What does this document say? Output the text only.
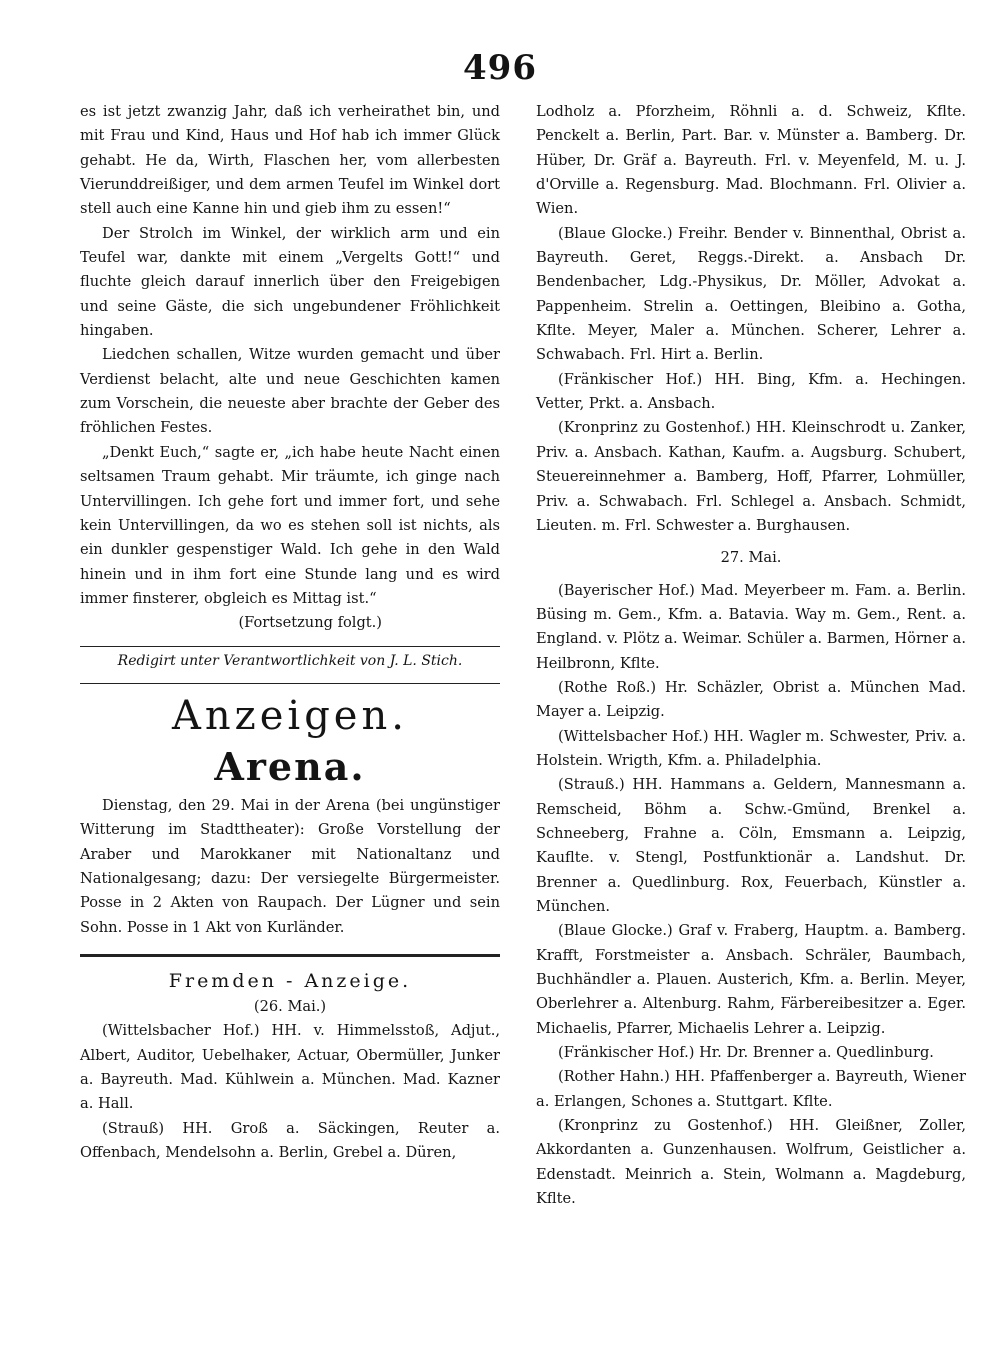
496

es ist jetzt zwanzig Jahr, daß ich verheirathet bin, und mit Frau und Kind, Haus und Hof hab ich immer Glück gehabt. He da, Wirth, Flaschen her, vom allerbesten Vierunddreißiger, und dem armen Teufel im Winkel dort stell auch eine Kanne hin und gieb ihm zu essen!“

Der Strolch im Winkel, der wirklich arm und ein Teufel war, dankte mit einem „Vergelts Gott!“ und fluchte gleich darauf innerlich über den Freigebigen und seine Gäste, die sich ungebundener Fröhlichkeit hingaben.

Liedchen schallen, Witze wurden gemacht und über Verdienst belacht, alte und neue Geschichten kamen zum Vorschein, die neueste aber brachte der Geber des fröhlichen Festes.

„Denkt Euch,“ sagte er, „ich habe heute Nacht einen seltsamen Traum gehabt. Mir träumte, ich ginge nach Untervillingen. Ich gehe fort und immer fort, und sehe kein Untervillingen, da wo es stehen soll ist nichts, als ein dunkler gespenstiger Wald. Ich gehe in den Wald hinein und in ihm fort eine Stunde lang und es wird immer finsterer, obgleich es Mittag ist.“

(Fortsetzung folgt.)

Redigirt unter Verantwortlichkeit von J. L. Stich.

Anzeigen.
Arena.

Dienstag, den 29. Mai in der Arena (bei ungünstiger Witterung im Stadttheater): Große Vorstellung der Araber und Marokkaner mit Nationaltanz und Nationalgesang; dazu: Der versiegelte Bürgermeister. Posse in 2 Akten von Raupach. Der Lügner und sein Sohn. Posse in 1 Akt von Kurländer.

Fremden - Anzeige.

(26. Mai.)

(Wittelsbacher Hof.) HH. v. Himmelsstoß, Adjut., Albert, Auditor, Uebelhaker, Actuar, Obermüller, Junker a. Bayreuth. Mad. Kühlwein a. München. Mad. Kazner a. Hall.

(Strauß) HH. Groß a. Säckingen, Reuter a. Offenbach, Mendelsohn a. Berlin, Grebel a. Düren,

Lodholz a. Pforzheim, Röhnli a. d. Schweiz, Kfltе. Penckelt a. Berlin, Part. Bar. v. Münster a. Bamberg. Dr. Hüber, Dr. Gräf a. Bayreuth. Frl. v. Meyenfeld, M. u. J. d'Orville a. Regensburg. Mad. Blochmann. Frl. Olivier a. Wien.

(Blaue Glocke.) Freihr. Bender v. Binnenthal, Obrist a. Bayreuth. Geret, Reggs.-Direkt. a. Ansbach Dr. Bendenbacher, Ldg.-Physikus, Dr. Möller, Advokat a. Pappenheim. Strelin a. Oettingen, Bleibino a. Gotha, Kflte. Meyer, Maler a. München. Scherer, Lehrer a. Schwabach. Frl. Hirt a. Berlin.

(Fränkischer Hof.) HH. Bing, Kfm. a. Hechingen. Vetter, Prkt. a. Ansbach.

(Kronprinz zu Gostenhof.) HH. Kleinschrodt u. Zanker, Priv. a. Ansbach. Kathan, Kaufm. a. Augsburg. Schubert, Steuereinnehmer a. Bamberg, Hoff, Pfarrer, Lohmüller, Priv. a. Schwabach. Frl. Schlegel a. Ansbach. Schmidt, Lieuten. m. Frl. Schwester a. Burghausen.

27. Mai.

(Bayerischer Hof.) Mad. Meyerbeer m. Fam. a. Berlin. Büsing m. Gem., Kfm. a. Batavia. Way m. Gem., Rent. a. England. v. Plötz a. Weimar. Schüler a. Barmen, Hörner a. Heilbronn, Kflte.

(Rothe Roß.) Hr. Schäzler, Obrist a. München Mad. Mayer a. Leipzig.

(Wittelsbacher Hof.) HH. Wagler m. Schwester, Priv. a. Holstein. Wrigth, Kfm. a. Philadelphia.

(Strauß.) HH. Hammans a. Geldern, Mannesmann a. Remscheid, Böhm a. Schw.-Gmünd, Brenkel a. Schneeberg, Frahne a. Cöln, Emsmann a. Leipzig, Kauflte. v. Stengl, Postfunktionär a. Landshut. Dr. Brenner a. Quedlinburg. Rox, Feuerbach, Künstler a. München.

(Blaue Glocke.) Graf v. Fraberg, Hauptm. a. Bamberg. Krafft, Forstmeister a. Ansbach. Schräler, Baumbach, Buchhändler a. Plauen. Austerich, Kfm. a. Berlin. Meyer, Oberlehrer a. Altenburg. Rahm, Färbereibesitzer a. Eger. Michaelis, Pfarrer, Michaelis Lehrer a. Leipzig.

(Fränkischer Hof.) Hr. Dr. Brenner a. Quedlinburg.

(Rother Hahn.) HH. Pfaffenberger a. Bayreuth, Wiener a. Erlangen, Schones a. Stuttgart. Kflte.

(Kronprinz zu Gostenhof.) HH. Gleißner, Zoller, Akkordanten a. Gunzenhausen. Wolfrum, Geistlicher a. Edenstadt. Meinrich a. Stein, Wolmann a. Magdeburg, Kflte.
